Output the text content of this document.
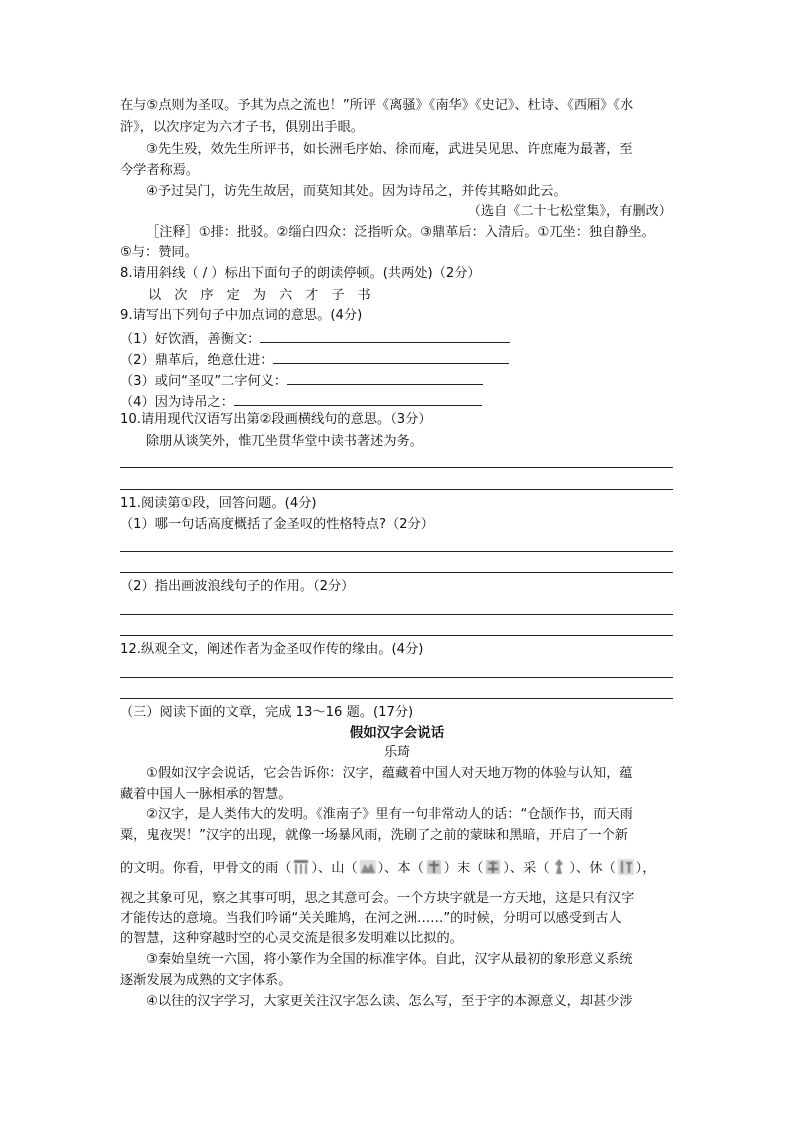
在与⑤点则为圣叹。予其为点之流也！”所评《离骚》《南华》《史记》、杜诗、《西厢》《水
浒》，以次序定为六才子书，俱别出手眼。
③先生殁，效先生所评书，如长洲毛序始、徐而庵，武进吴见思、许庶庵为最著，至
今学者称焉。
④予过吴门，访先生故居，而莫知其处。因为诗吊之，并传其略如此云。
（选自《二十七松堂集》，有删改）
［注释］①排：批驳。②缁白四众：泛指听众。③鼎革后：入清后。①兀坐：独自静坐。
⑤与：赞同。
8.请用斜线（ / ）标出下面句子的朗读停顿。(共两处)（2分）
以 次 序 定 为 六 才 子 书
9.请写出下列句子中加点词的意思。(4分)
（1）好饮酒，善衡文：
（2）鼎革后，绝意仕进：
（3）或问“圣叹”二字何义：
（4）因为诗吊之：
10.请用现代汉语写出第②段画横线句的意思。（3分）
除朋从谈笑外，惟兀坐贯华堂中读书著述为务。
11.阅读第①段，回答问题。(4分)
（1）哪一句话高度概括了金圣叹的性格特点?（2分）
（2）指出画波浪线句子的作用。（2分）
12.纵观全文，阐述作者为金圣叹作传的缘由。(4分)
（三）阅读下面的文章，完成 13～16 题。(17分)
假如汉字会说话
乐琦
①假如汉字会说话，它会告诉你：汉字，蕴藏着中国人对天地万物的体验与认知，蕴
藏着中国人一脉相承的智慧。
②汉字，是人类伟大的发明。《淮南子》里有一句非常动人的话：“仓颉作书，而天雨
粟，鬼夜哭！”汉字的出现，就像一场暴风雨，洗刷了之前的蒙昧和黑暗，开启了一个新
的文明。你看，甲骨文的雨（ ）、山（ ）、本（ ）末（ ）、采（ ）、休（ ），
视之其象可见，察之其事可明，思之其意可会。一个方块字就是一方天地，这是只有汉字
才能传达的意境。当我们吟诵“关关雎鸠，在河之洲……”的时候，分明可以感受到古人
的智慧，这种穿越时空的心灵交流是很多发明难以比拟的。
③秦始皇统一六国，将小篆作为全国的标准字体。自此，汉字从最初的象形意义系统
逐渐发展为成熟的文字体系。
④以往的汉字学习，大家更关注汉字怎么读、怎么写，至于字的本源意义，却甚少涉
